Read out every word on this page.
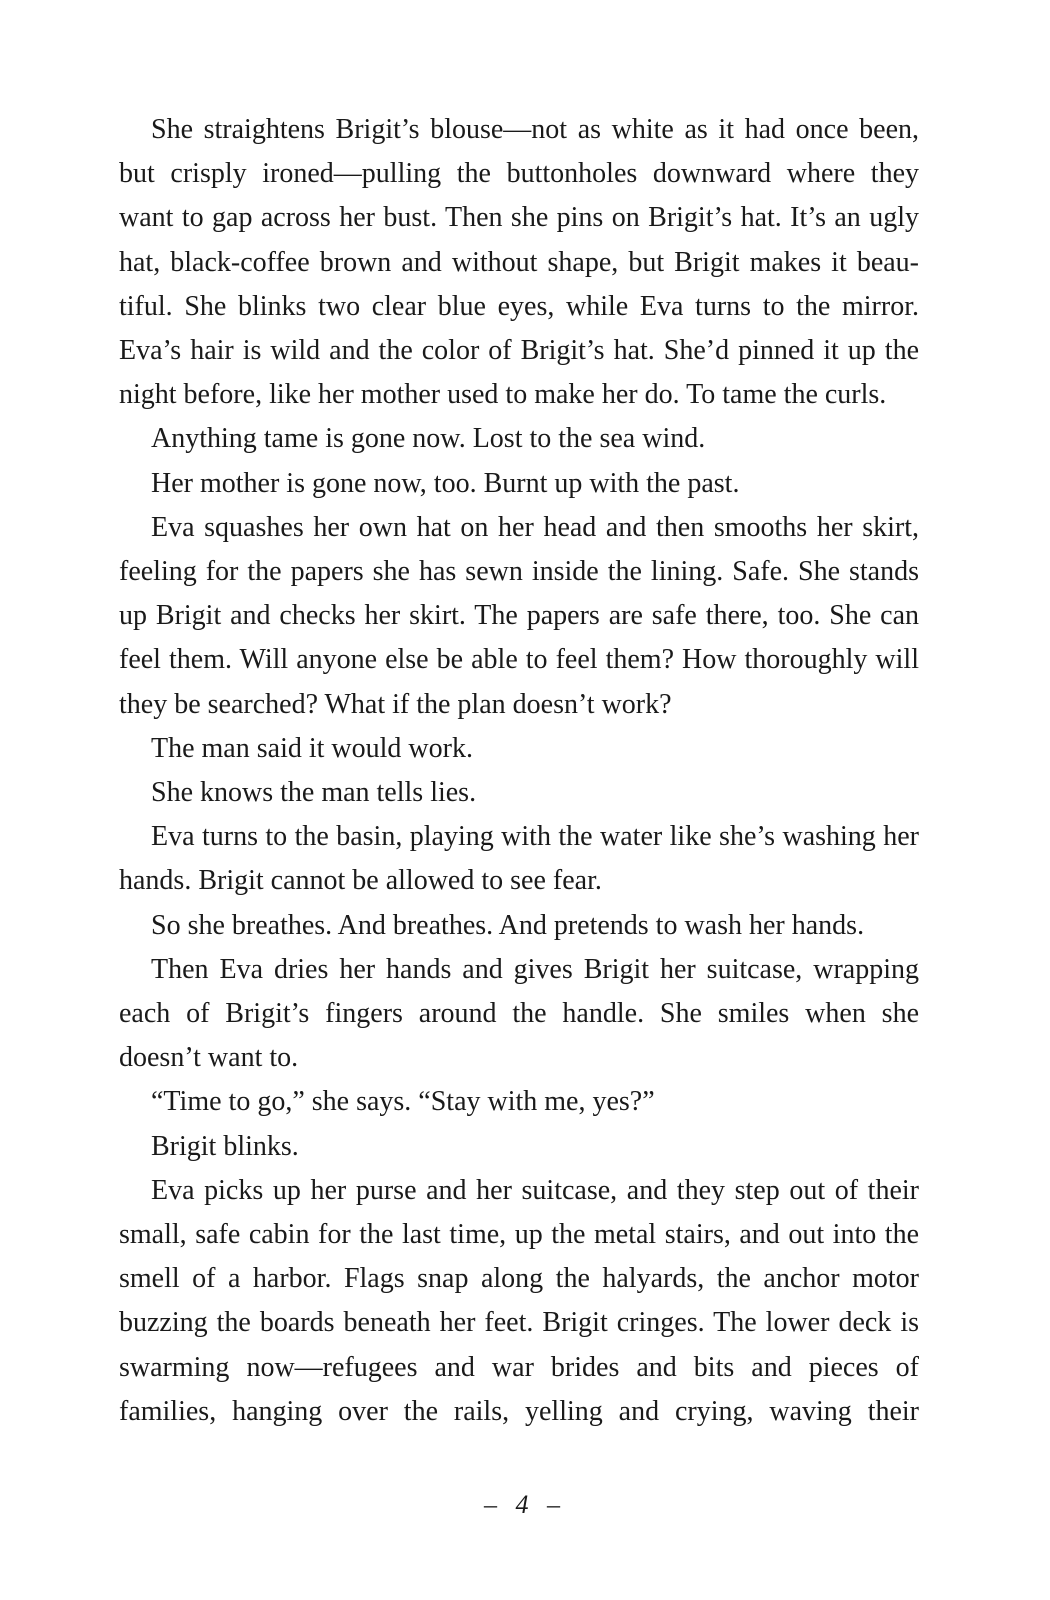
She straightens Brigit’s blouse—not as white as it had once been, but crisply ironed—pulling the buttonholes downward where they want to gap across her bust. Then she pins on Brigit’s hat. It’s an ugly hat, black-coffee brown and without shape, but Brigit makes it beautiful. She blinks two clear blue eyes, while Eva turns to the mirror. Eva’s hair is wild and the color of Brigit’s hat. She’d pinned it up the night before, like her mother used to make her do. To tame the curls.

Anything tame is gone now. Lost to the sea wind.

Her mother is gone now, too. Burnt up with the past.

Eva squashes her own hat on her head and then smooths her skirt, feeling for the papers she has sewn inside the lining. Safe. She stands up Brigit and checks her skirt. The papers are safe there, too. She can feel them. Will anyone else be able to feel them? How thoroughly will they be searched? What if the plan doesn’t work?

The man said it would work.

She knows the man tells lies.

Eva turns to the basin, playing with the water like she’s washing her hands. Brigit cannot be allowed to see fear.

So she breathes. And breathes. And pretends to wash her hands.

Then Eva dries her hands and gives Brigit her suitcase, wrapping each of Brigit’s fingers around the handle. She smiles when she doesn’t want to.

“Time to go,” she says. “Stay with me, yes?”

Brigit blinks.

Eva picks up her purse and her suitcase, and they step out of their small, safe cabin for the last time, up the metal stairs, and out into the smell of a harbor. Flags snap along the halyards, the anchor motor buzzing the boards beneath her feet. Brigit cringes. The lower deck is swarming now—refugees and war brides and bits and pieces of families, hanging over the rails, yelling and crying, waving their

– 4 –
